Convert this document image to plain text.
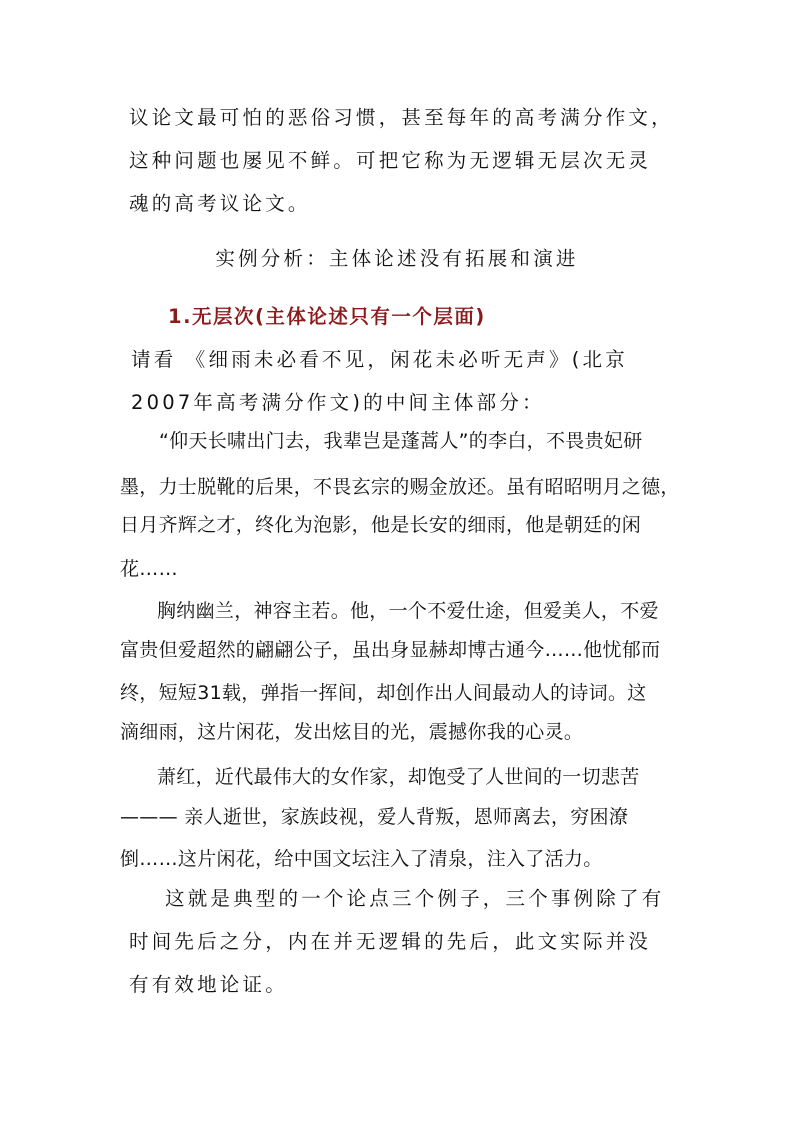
议论文最可怕的恶俗习惯，甚至每年的高考满分作文，
这种问题也屡见不鲜。可把它称为无逻辑无层次无灵
魂的高考议论文。
实例分析：主体论述没有拓展和演进
1.无层次(主体论述只有一个层面)
请看 《细雨未必看不见，闲花未必听无声》(北京
2007年高考满分作文)的中间主体部分：
“仰天长啸出门去，我辈岂是蓬蒿人”的李白，不畏贵妃研
墨，力士脱靴的后果，不畏玄宗的赐金放还。虽有昭昭明月之德，
日月齐辉之才，终化为泡影，他是长安的细雨，他是朝廷的闲
花……
胸纳幽兰，神容主若。他，一个不爱仕途，但爱美人，不爱
富贵但爱超然的翩翩公子，虽出身显赫却博古通今……他忧郁而
终，短短31载，弹指一挥间，却创作出人间最动人的诗词。这
滴细雨，这片闲花，发出炫目的光，震撼你我的心灵。
萧红，近代最伟大的女作家，却饱受了人世间的一切悲苦
——— 亲人逝世，家族歧视，爱人背叛，恩师离去，穷困潦
倒……这片闲花，给中国文坛注入了清泉，注入了活力。
这就是典型的一个论点三个例子，三个事例除了有
时间先后之分，内在并无逻辑的先后，此文实际并没
有有效地论证。
